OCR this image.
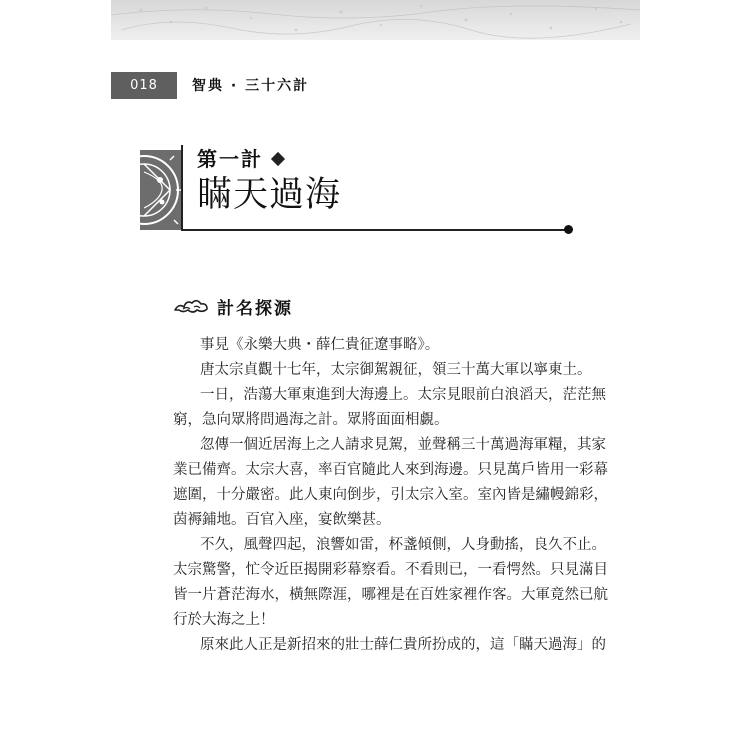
018	智典 · 三十六計
第一計
瞞天過海
計名探源
事見《永樂大典・薛仁貴征遼事略》。
唐太宗貞觀十七年，太宗御駕親征，領三十萬大軍以寧東土。
一日，浩蕩大軍東進到大海邊上。太宗見眼前白浪滔天，茫茫無
窮，急向眾將問過海之計。眾將面面相覷。
忽傳一個近居海上之人請求見駕，並聲稱三十萬過海軍糧，其家
業已備齊。太宗大喜，率百官隨此人來到海邊。只見萬戶皆用一彩幕
遮圍，十分嚴密。此人東向倒步，引太宗入室。室內皆是繡幔錦彩，
茵褥鋪地。百官入座，宴飲樂甚。
不久，風聲四起，浪響如雷，杯盞傾側，人身動搖，良久不止。
太宗驚警，忙令近臣揭開彩幕察看。不看則已，一看愕然。只見滿目
皆一片蒼茫海水，橫無際涯，哪裡是在百姓家裡作客。大軍竟然已航
行於大海之上！
原來此人正是新招來的壯士薛仁貴所扮成的，這「瞞天過海」的
